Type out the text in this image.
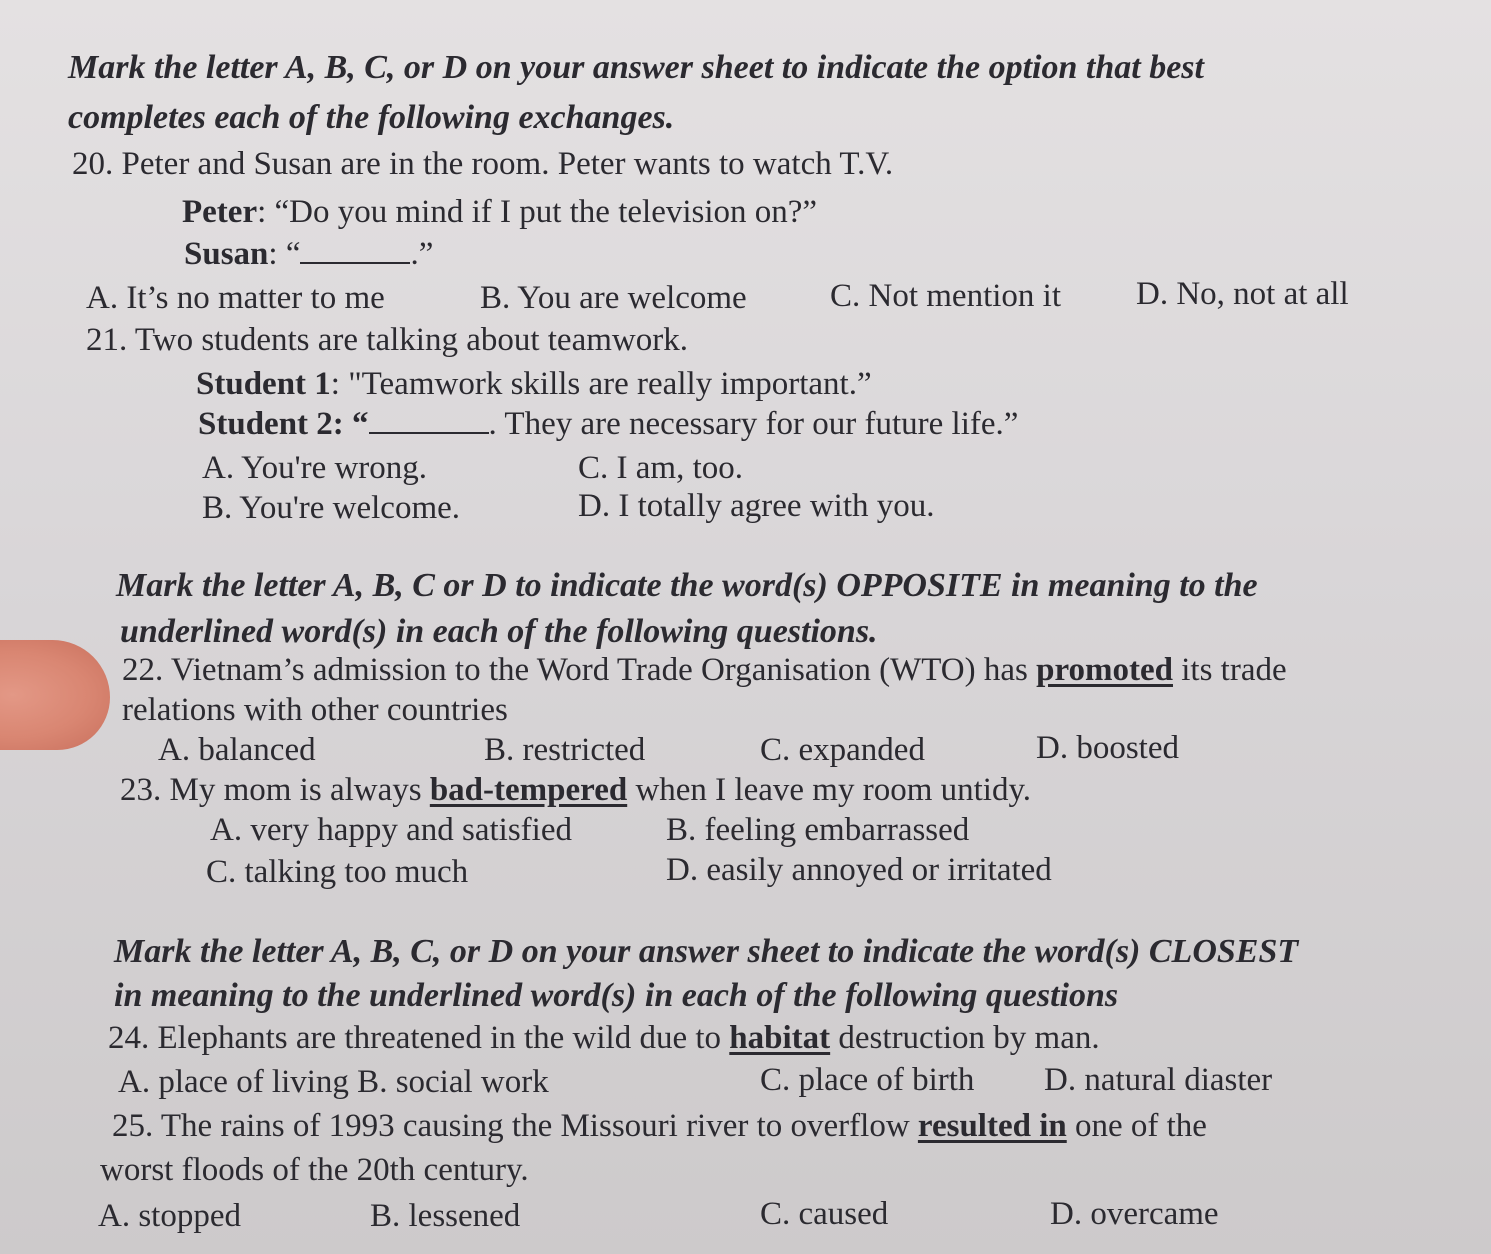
Mark the letter A, B, C, or D on your answer sheet to indicate the option that best
completes each of the following exchanges.
20. Peter and Susan are in the room. Peter wants to watch T.V.
Peter: “Do you mind if I put the television on?”
Susan: “	.”
A. It’s no matter to me	B. You are welcome	C. Not mention it D. No, not at all
21. Two students are talking about teamwork.
Student 1: "Teamwork skills are really important.”
Student 2: “	. They are necessary for our future life.”
A. You're wrong.	C. I am, too.
B. You're welcome.	D. I totally agree with you.
Mark the letter A, B, C or D to indicate the word(s) OPPOSITE in meaning to the
underlined word(s) in each of the following questions.
22. Vietnam’s admission to the Word Trade Organisation (WTO) has promoted its trade
relations with other countries
A. balanced	B. restricted	C. expanded	D. boosted
23. My mom is always bad-tempered when I leave my room untidy.
A. very happy and satisfied	B. feeling embarrassed
C. talking too much	D. easily annoyed or irritated
Mark the letter A, B, C, or D on your answer sheet to indicate the word(s) CLOSEST
in meaning to the underlined word(s) in each of the following questions
24. Elephants are threatened in the wild due to habitat destruction by man.
A. place of living B. social work	C. place of birth D. natural diaster
25. The rains of 1993 causing the Missouri river to overflow resulted in one of the
worst floods of the 20th century.
A. stopped	B. lessened	C. caused	D. overcame
